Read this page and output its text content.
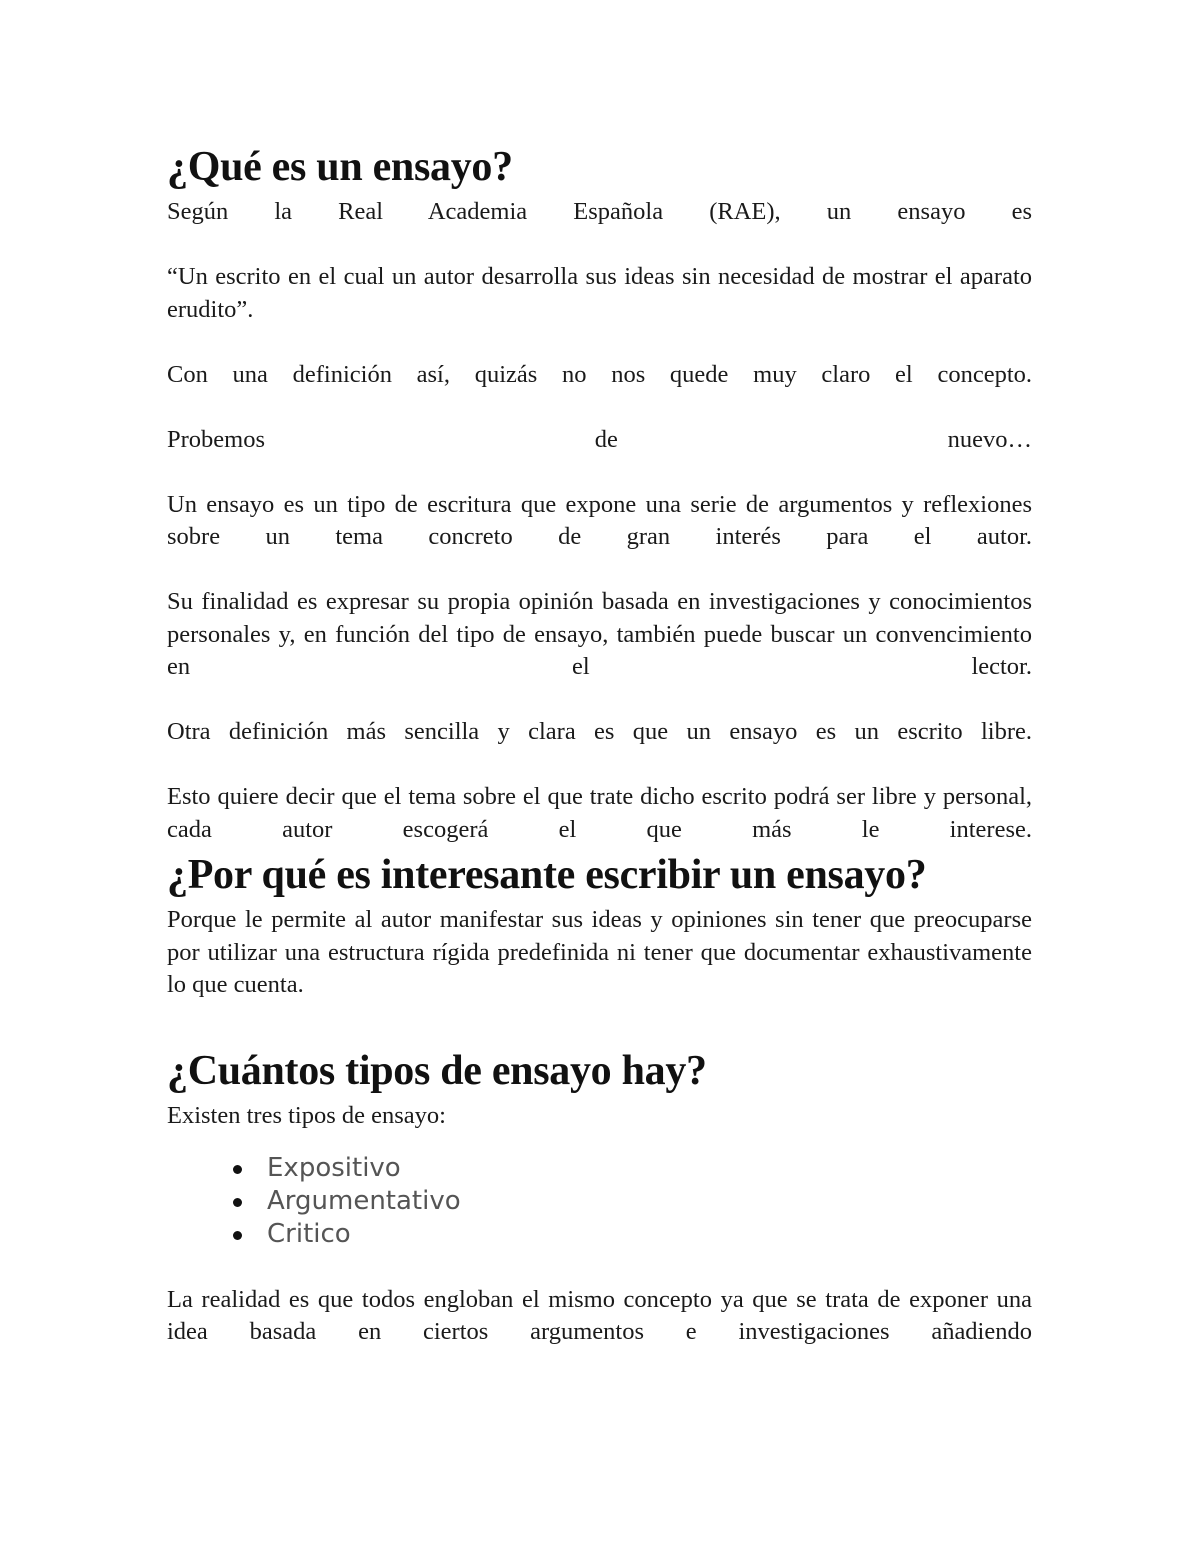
¿Qué es un ensayo?

Según la Real Academia Española (RAE), un ensayo es

“Un escrito en el cual un autor desarrolla sus ideas sin necesidad de mostrar el aparato erudito”.

Con una definición así, quizás no nos quede muy claro el concepto.

Probemos de nuevo…

Un ensayo es un tipo de escritura que expone una serie de argumentos y reflexiones sobre un tema concreto de gran interés para el autor.

Su finalidad es expresar su propia opinión basada en investigaciones y conocimientos personales y, en función del tipo de ensayo, también puede buscar un convencimiento en el lector.

Otra definición más sencilla y clara es que un ensayo es un escrito libre.

Esto quiere decir que el tema sobre el que trate dicho escrito podrá ser libre y personal, cada autor escogerá el que más le interese.

¿Por qué es interesante escribir un ensayo?

Porque le permite al autor manifestar sus ideas y opiniones sin tener que preocuparse por utilizar una estructura rígida predefinida ni tener que documentar exhaustivamente lo que cuenta.

¿Cuántos tipos de ensayo hay?

Existen tres tipos de ensayo:

Expositivo
Argumentativo
Critico

La realidad es que todos engloban el mismo concepto ya que se trata de exponer una idea basada en ciertos argumentos e investigaciones añadiendo
